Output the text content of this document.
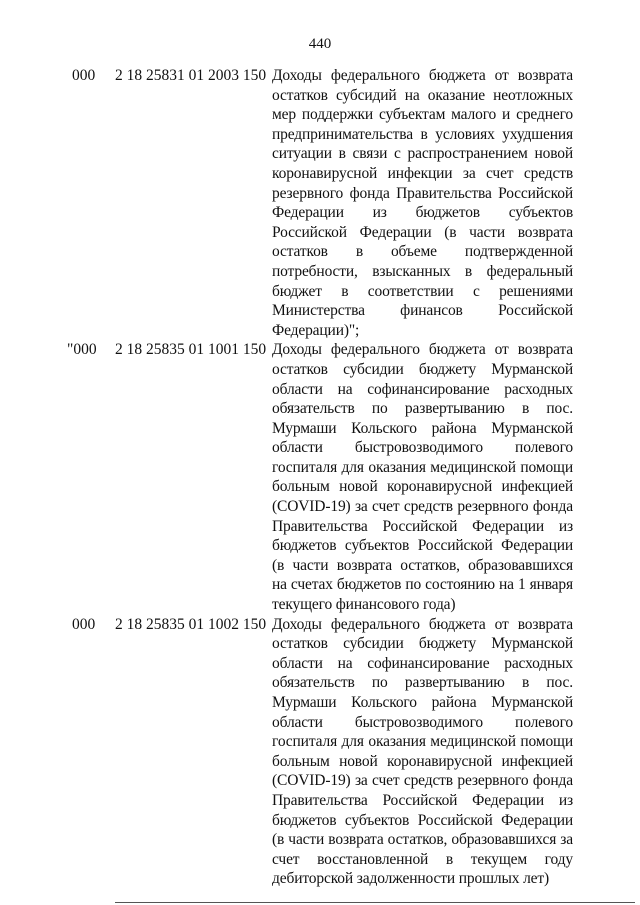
440
000 2 18 25831 01 2003 150 Доходы федерального бюджета от возврата остатков субсидий на оказание неотложных мер поддержки субъектам малого и среднего предпринимательства в условиях ухудшения ситуации в связи с распространением новой коронавирусной инфекции за счет средств резервного фонда Правительства Российской Федерации из бюджетов субъектов Российской Федерации (в части возврата остатков в объеме подтвержденной потребности, взысканных в федеральный бюджет в соответствии с решениями Министерства финансов Российской Федерации)";
"000 2 18 25835 01 1001 150 Доходы федерального бюджета от возврата остатков субсидии бюджету Мурманской области на софинансирование расходных обязательств по развертыванию в пос. Мурмаши Кольского района Мурманской области быстровозводимого полевого госпиталя для оказания медицинской помощи больным новой коронавирусной инфекцией (COVID-19) за счет средств резервного фонда Правительства Российской Федерации из бюджетов субъектов Российской Федерации (в части возврата остатков, образовавшихся на счетах бюджетов по состоянию на 1 января текущего финансового года)
000 2 18 25835 01 1002 150 Доходы федерального бюджета от возврата остатков субсидии бюджету Мурманской области на софинансирование расходных обязательств по развертыванию в пос. Мурмаши Кольского района Мурманской области быстровозводимого полевого госпиталя для оказания медицинской помощи больным новой коронавирусной инфекцией (COVID-19) за счет средств резервного фонда Правительства Российской Федерации из бюджетов субъектов Российской Федерации (в части возврата остатков, образовавшихся за счет восстановленной в текущем году дебиторской задолженности прошлых лет)
